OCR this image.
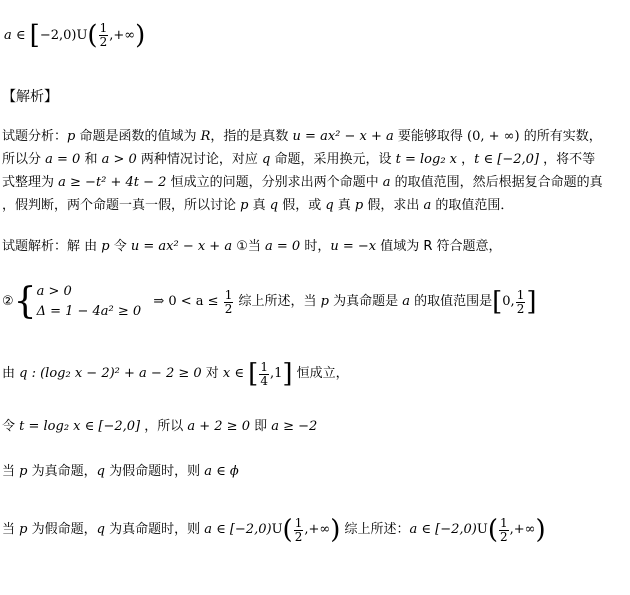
a ∈ $[-2,0)U( \frac{1}{2}$ ,+∞)
【解析】
试题分析：p 命题是函数的值域为 R，指的是真数 u = ax² − x + a 要能够取得 (0, + ∞) 的所有实数，
所以分 a = 0 和 a > 0 两种情况讨论，对应 q 命题，采用换元，设 t = log₂ x ，t ∈ [−2,0] ，将不等
式整理为 a ≥ −t² + 4t − 2 恒成立的问题，分别求出两个命题中 a 的取值范围，然后根据复合命题的真
，假判断，两个命题一真一假，所以讨论 p 真 q 假，或 q 真 p 假，求出 a 的取值范围．
试题解析：解 由 p 令 u = ax² − x + a ①当 a = 0 时，u = −x 值域为 R 符合题意，
②{ a > 0
Δ = 1 − 4a² ≥ 0
⇒ $0 < a \le \frac{1}{2}$ 综上所述，当 p 为真命题是 a 的取值范围是[0, $\frac{1}{2}$ ]
由 q : (log₂ x − 2)² + a − 2 ≥ 0 对 x ∈ [ $\frac{1}{4} ,1$] 恒成立，
令 t = log₂ x ∈ [−2,0] ，所以 a + 2 ≥ 0 即 a ≥ −2
当 p 为真命题，q 为假命题时，则 a ∈ ϕ
当 p 为假命题，q 为真命题时，则 a ∈ $[-2,0)U( \frac{1}{2}$ ,+∞) 综上所述：a ∈ $[-2,0)U( \frac{1}{2}$ ,+∞)
